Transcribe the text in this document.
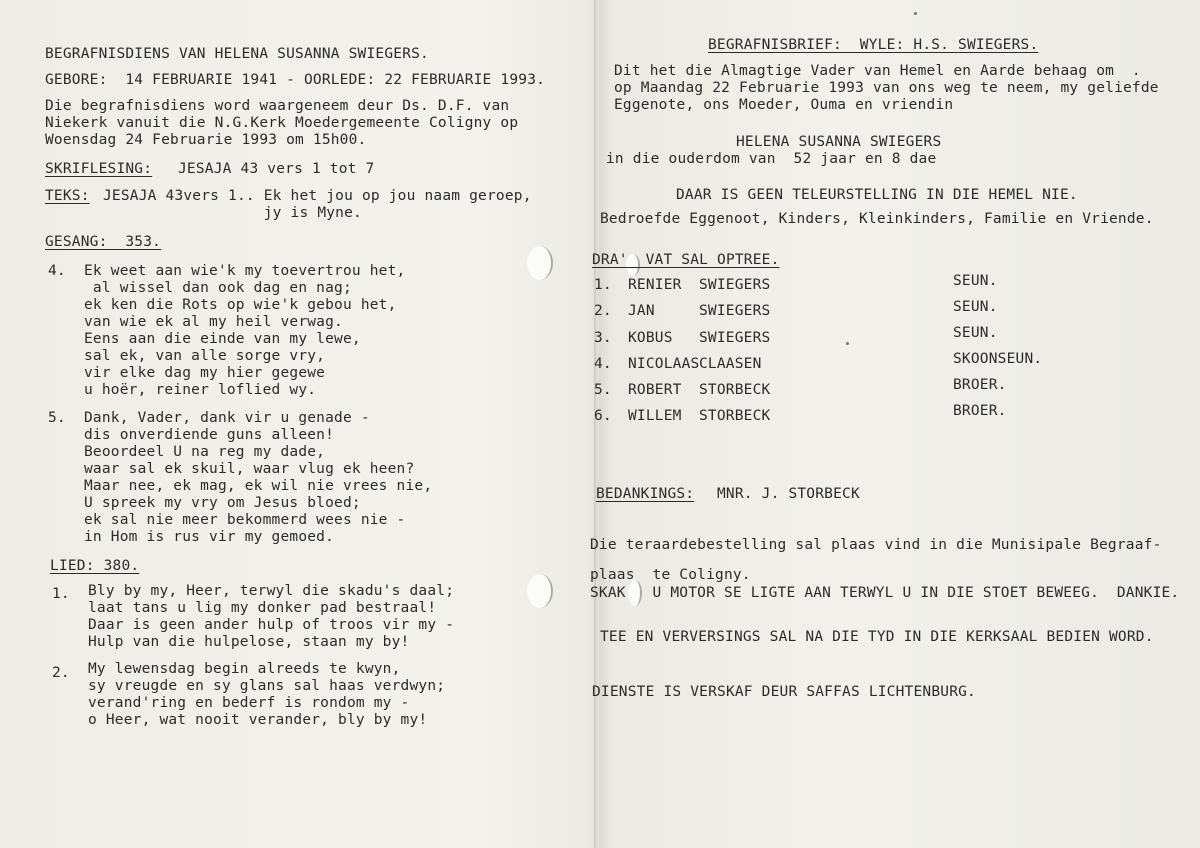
BEGRAFNISDIENS VAN HELENA SUSANNA SWIEGERS.
GEBORE:  14 FEBRUARIE 1941 - OORLEDE: 22 FEBRUARIE 1993.
Die begrafnisdiens word waargeneem deur Ds. D.F. van
Niekerk vanuit die N.G.Kerk Moedergemeente Coligny op
Woensdag 24 Februarie 1993 om 15h00.
SKRIFLESING: JESAJA 43 vers 1 tot 7
TEKS: JESAJA 43vers 1.. Ek het jou op jou naam geroep,
jy is Myne.
GESANG:  353.
4. Ek weet aan wie'k my toevertrou het,
al wissel dan ook dag en nag;
ek ken die Rots op wie'k gebou het,
van wie ek al my heil verwag.
Eens aan die einde van my lewe,
sal ek, van alle sorge vry,
vir elke dag my hier gegewe
u hoër, reiner loflied wy.
5. Dank, Vader, dank vir u genade -
dis onverdiende guns alleen!
Beoordeel U na reg my dade,
waar sal ek skuil, waar vlug ek heen?
Maar nee, ek mag, ek wil nie vrees nie,
U spreek my vry om Jesus bloed;
ek sal nie meer bekommerd wees nie -
in Hom is rus vir my gemoed.
LIED: 380.
1. Bly by my, Heer, terwyl die skadu's daal;
laat tans u lig my donker pad bestraal!
Daar is geen ander hulp of troos vir my -
Hulp van die hulpelose, staan my by!
2. My lewensdag begin alreeds te kwyn,
sy vreugde en sy glans sal haas verdwyn;
verand'ring en bederf is rondom my -
o Heer, wat nooit verander, bly by my!
BEGRAFNISBRIEF:  WYLE: H.S. SWIEGERS.
Dit het die Almagtige Vader van Hemel en Aarde behaag om  .
op Maandag 22 Februarie 1993 van ons weg te neem, my geliefde
Eggenote, ons Moeder, Ouma en vriendin
HELENA SUSANNA SWIEGERS
in die ouderdom van  52 jaar en 8 dae
DAAR IS GEEN TELEURSTELLING IN DIE HEMEL NIE.
Bedroefde Eggenoot, Kinders, Kleinkinders, Familie en Vriende.
DRA'  VAT SAL OPTREE.
1. RENIER SWIEGERS	SEUN.
2. JAN	SWIEGERS	SEUN.
3. KOBUS SWIEGERS	SEUN.
4. NICOLAAS CLAASEN	SKOONSEUN.
5. ROBERT STORBECK	BROER.
6. WILLEM STORBECK	BROER.
BEDANKINGS: MNR. J. STORBECK
Die teraardebestelling sal plaas vind in die Munisipale Begraaf-
plaas  te Coligny.
SKAK   U MOTOR SE LIGTE AAN TERWYL U IN DIE STOET BEWEEG.  DANKIE.
TEE EN VERVERSINGS SAL NA DIE TYD IN DIE KERKSAAL BEDIEN WORD.
DIENSTE IS VERSKAF DEUR SAFFAS LICHTENBURG.
